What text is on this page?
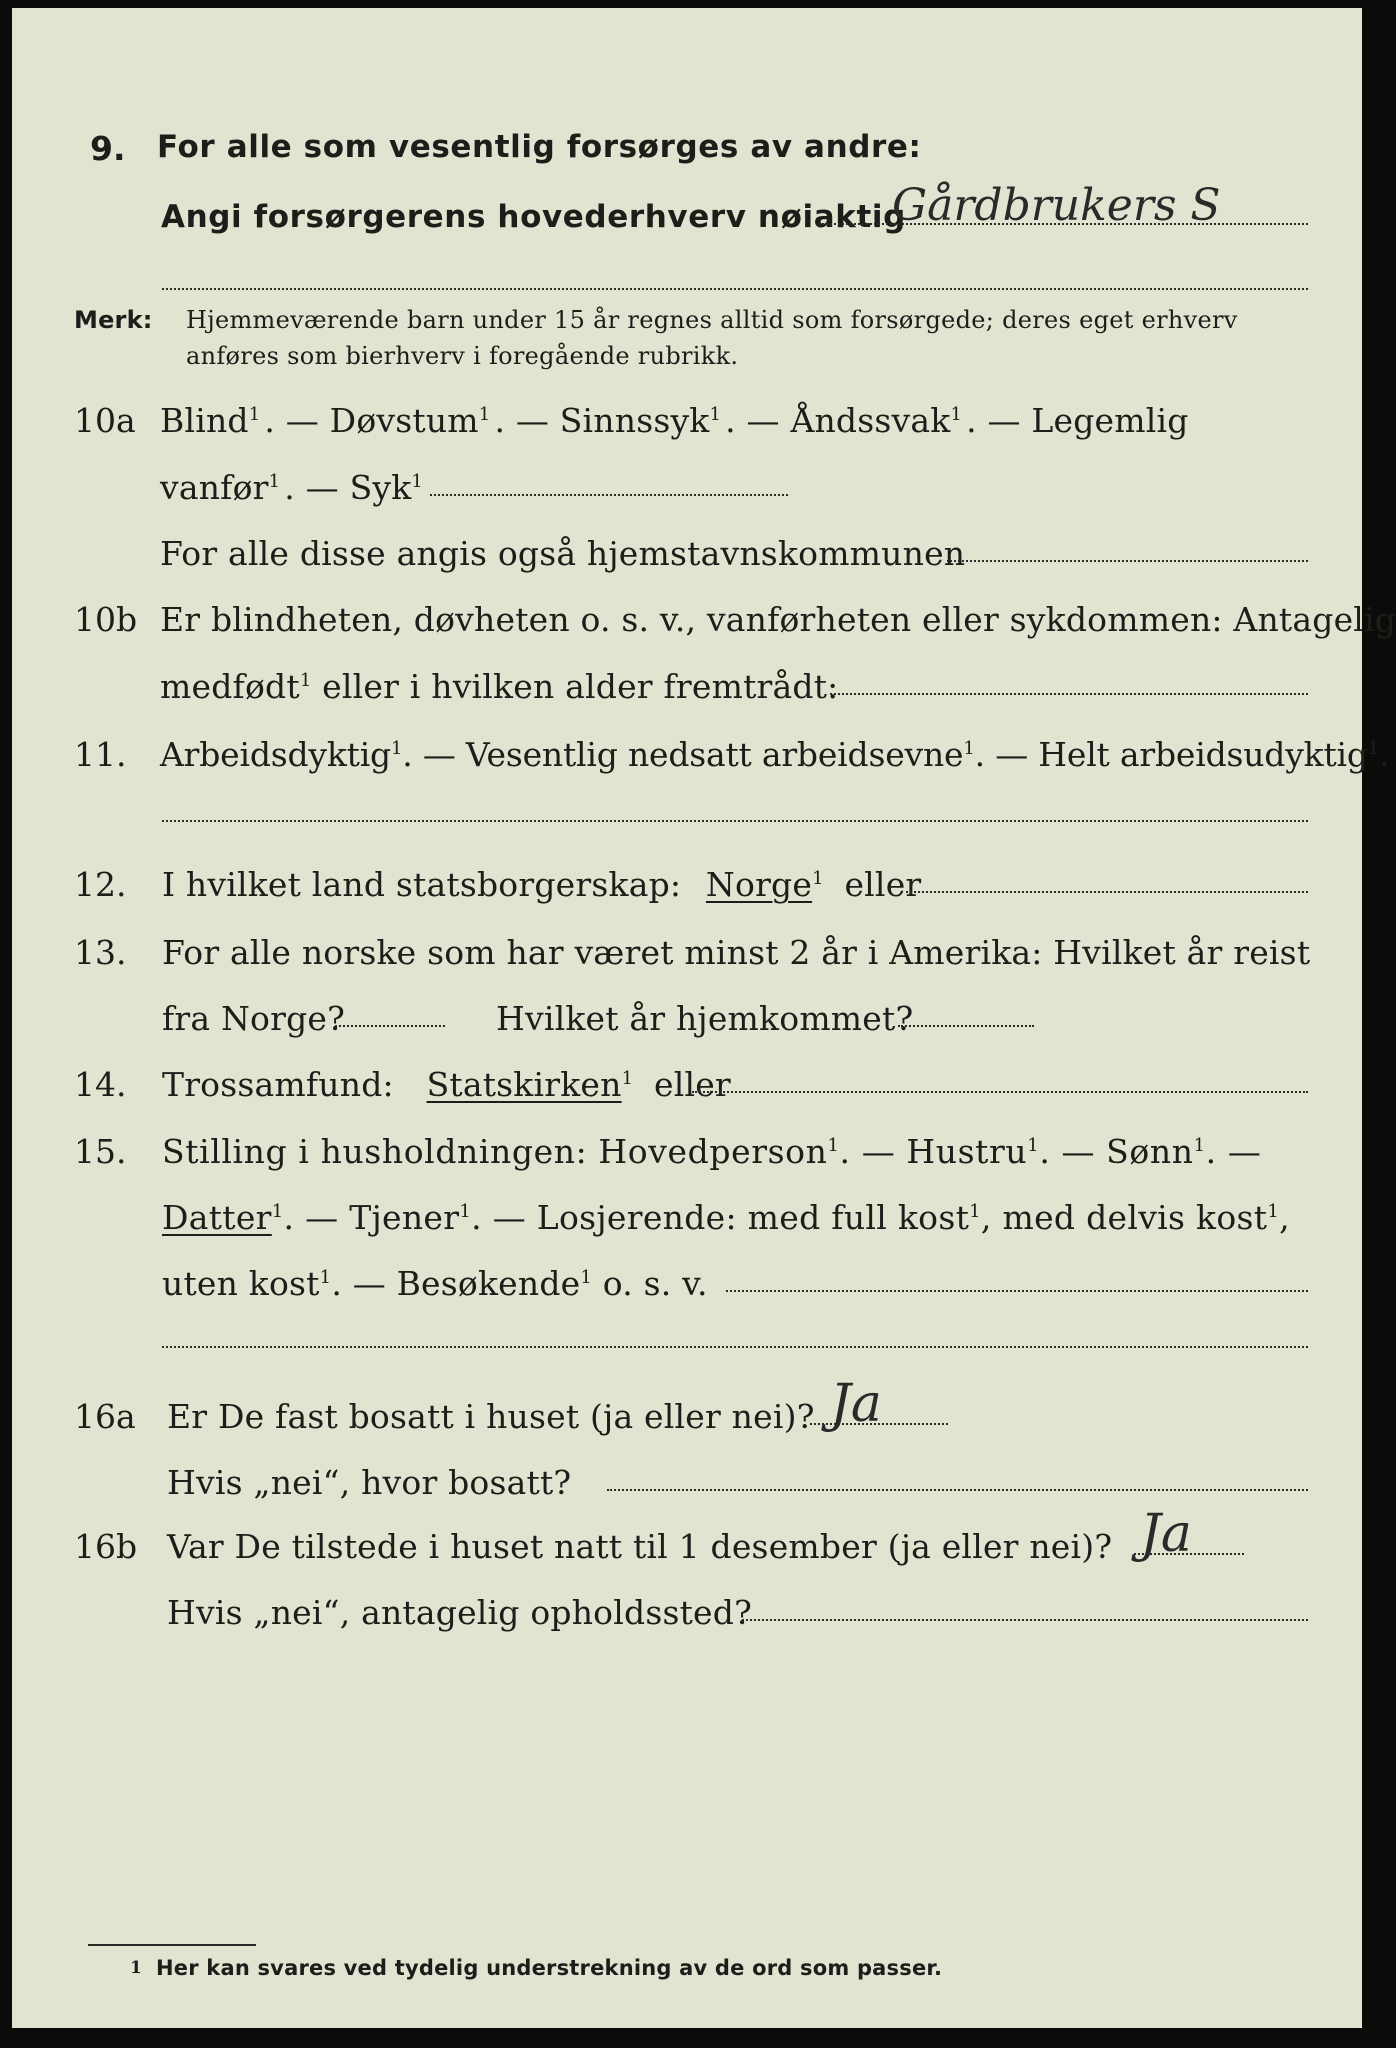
9. For alle som vesentlig forsørges av andre:
Angi forsørgerens hovederhverv nøiaktig
Gårdbrukers S
Merk: Hjemmeværende barn under 15 år regnes alltid som forsørgede; deres eget erhverv
anføres som bierhverv i foregående rubrikk.
10a Blind$^1$ . — Døvstum$^1$ . — Sinnssyk$^1$ . — Åndssvak$^1$ . — Legemlig
vanfør$^1$ . — Syk$^1$
For alle disse angis også hjemstavnskommunen
10b Er blindheten, døvheten o. s. v., vanførheten eller sykdommen: Antagelig
medfødt$^1$ eller i hvilken alder fremtrådt:
11. Arbeidsdyktig$^1$. — Vesentlig nedsatt arbeidsevne$^1$. — Helt arbeidsudyktig$^1$.
12. I hvilket land statsborgerskap: Norge$^1$ eller
13. For alle norske som har været minst 2 år i Amerika: Hvilket år reist
fra Norge?	Hvilket år hjemkommet?
14. Trossamfund: Statskirken$^1$ eller
15. Stilling i husholdningen: Hovedperson$^1$. — Hustru$^1$. — Sønn$^1$. —
Datter$^1$. — Tjener$^1$. — Losjerende: med full kost$^1$, med delvis kost$^1$,
uten kost$^1$. — Besøkende$^1$ o. s. v.
16a Er De fast bosatt i huset (ja eller nei)? Ja
Hvis „nei“, hvor bosatt?
16b Var De tilstede i huset natt til 1 desember (ja eller nei)? Ja
Hvis „nei“, antagelig opholdssted?
1 Her kan svares ved tydelig understrekning av de ord som passer.
